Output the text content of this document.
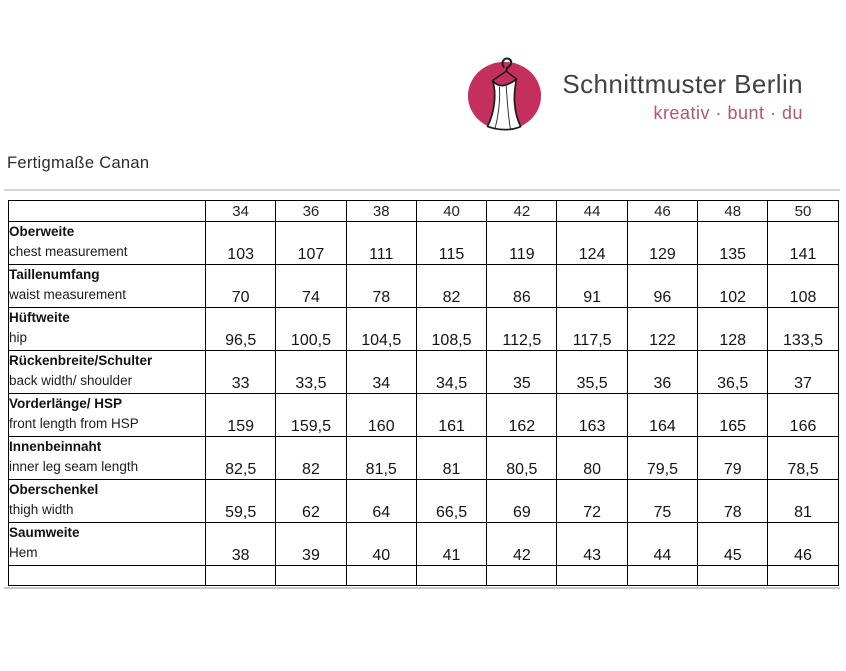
Schnittmuster Berlin
kreativ · bunt · du
Fertigmaße Canan
	34	36	38	40	42	44	46	48	50

Oberweite
chest measurement	103	107	111	115	119	124	129	135	141

Taillenumfang
waist measurement	70	74	78	82	86	91	96	102	108

Hüftweite
hip	96,5	100,5	104,5	108,5	112,5	117,5	122	128	133,5

Rückenbreite/Schulter
back width/ shoulder	33	33,5	34	34,5	35	35,5	36	36,5	37

Vorderlänge/ HSP
front length from HSP	159	159,5	160	161	162	163	164	165	166

Innenbeinnaht
inner leg seam length	82,5	82	81,5	81	80,5	80	79,5	79	78,5

Oberschenkel
thigh width	59,5	62	64	66,5	69	72	75	78	81

Saumweite
Hem	38	39	40	41	42	43	44	45	46
